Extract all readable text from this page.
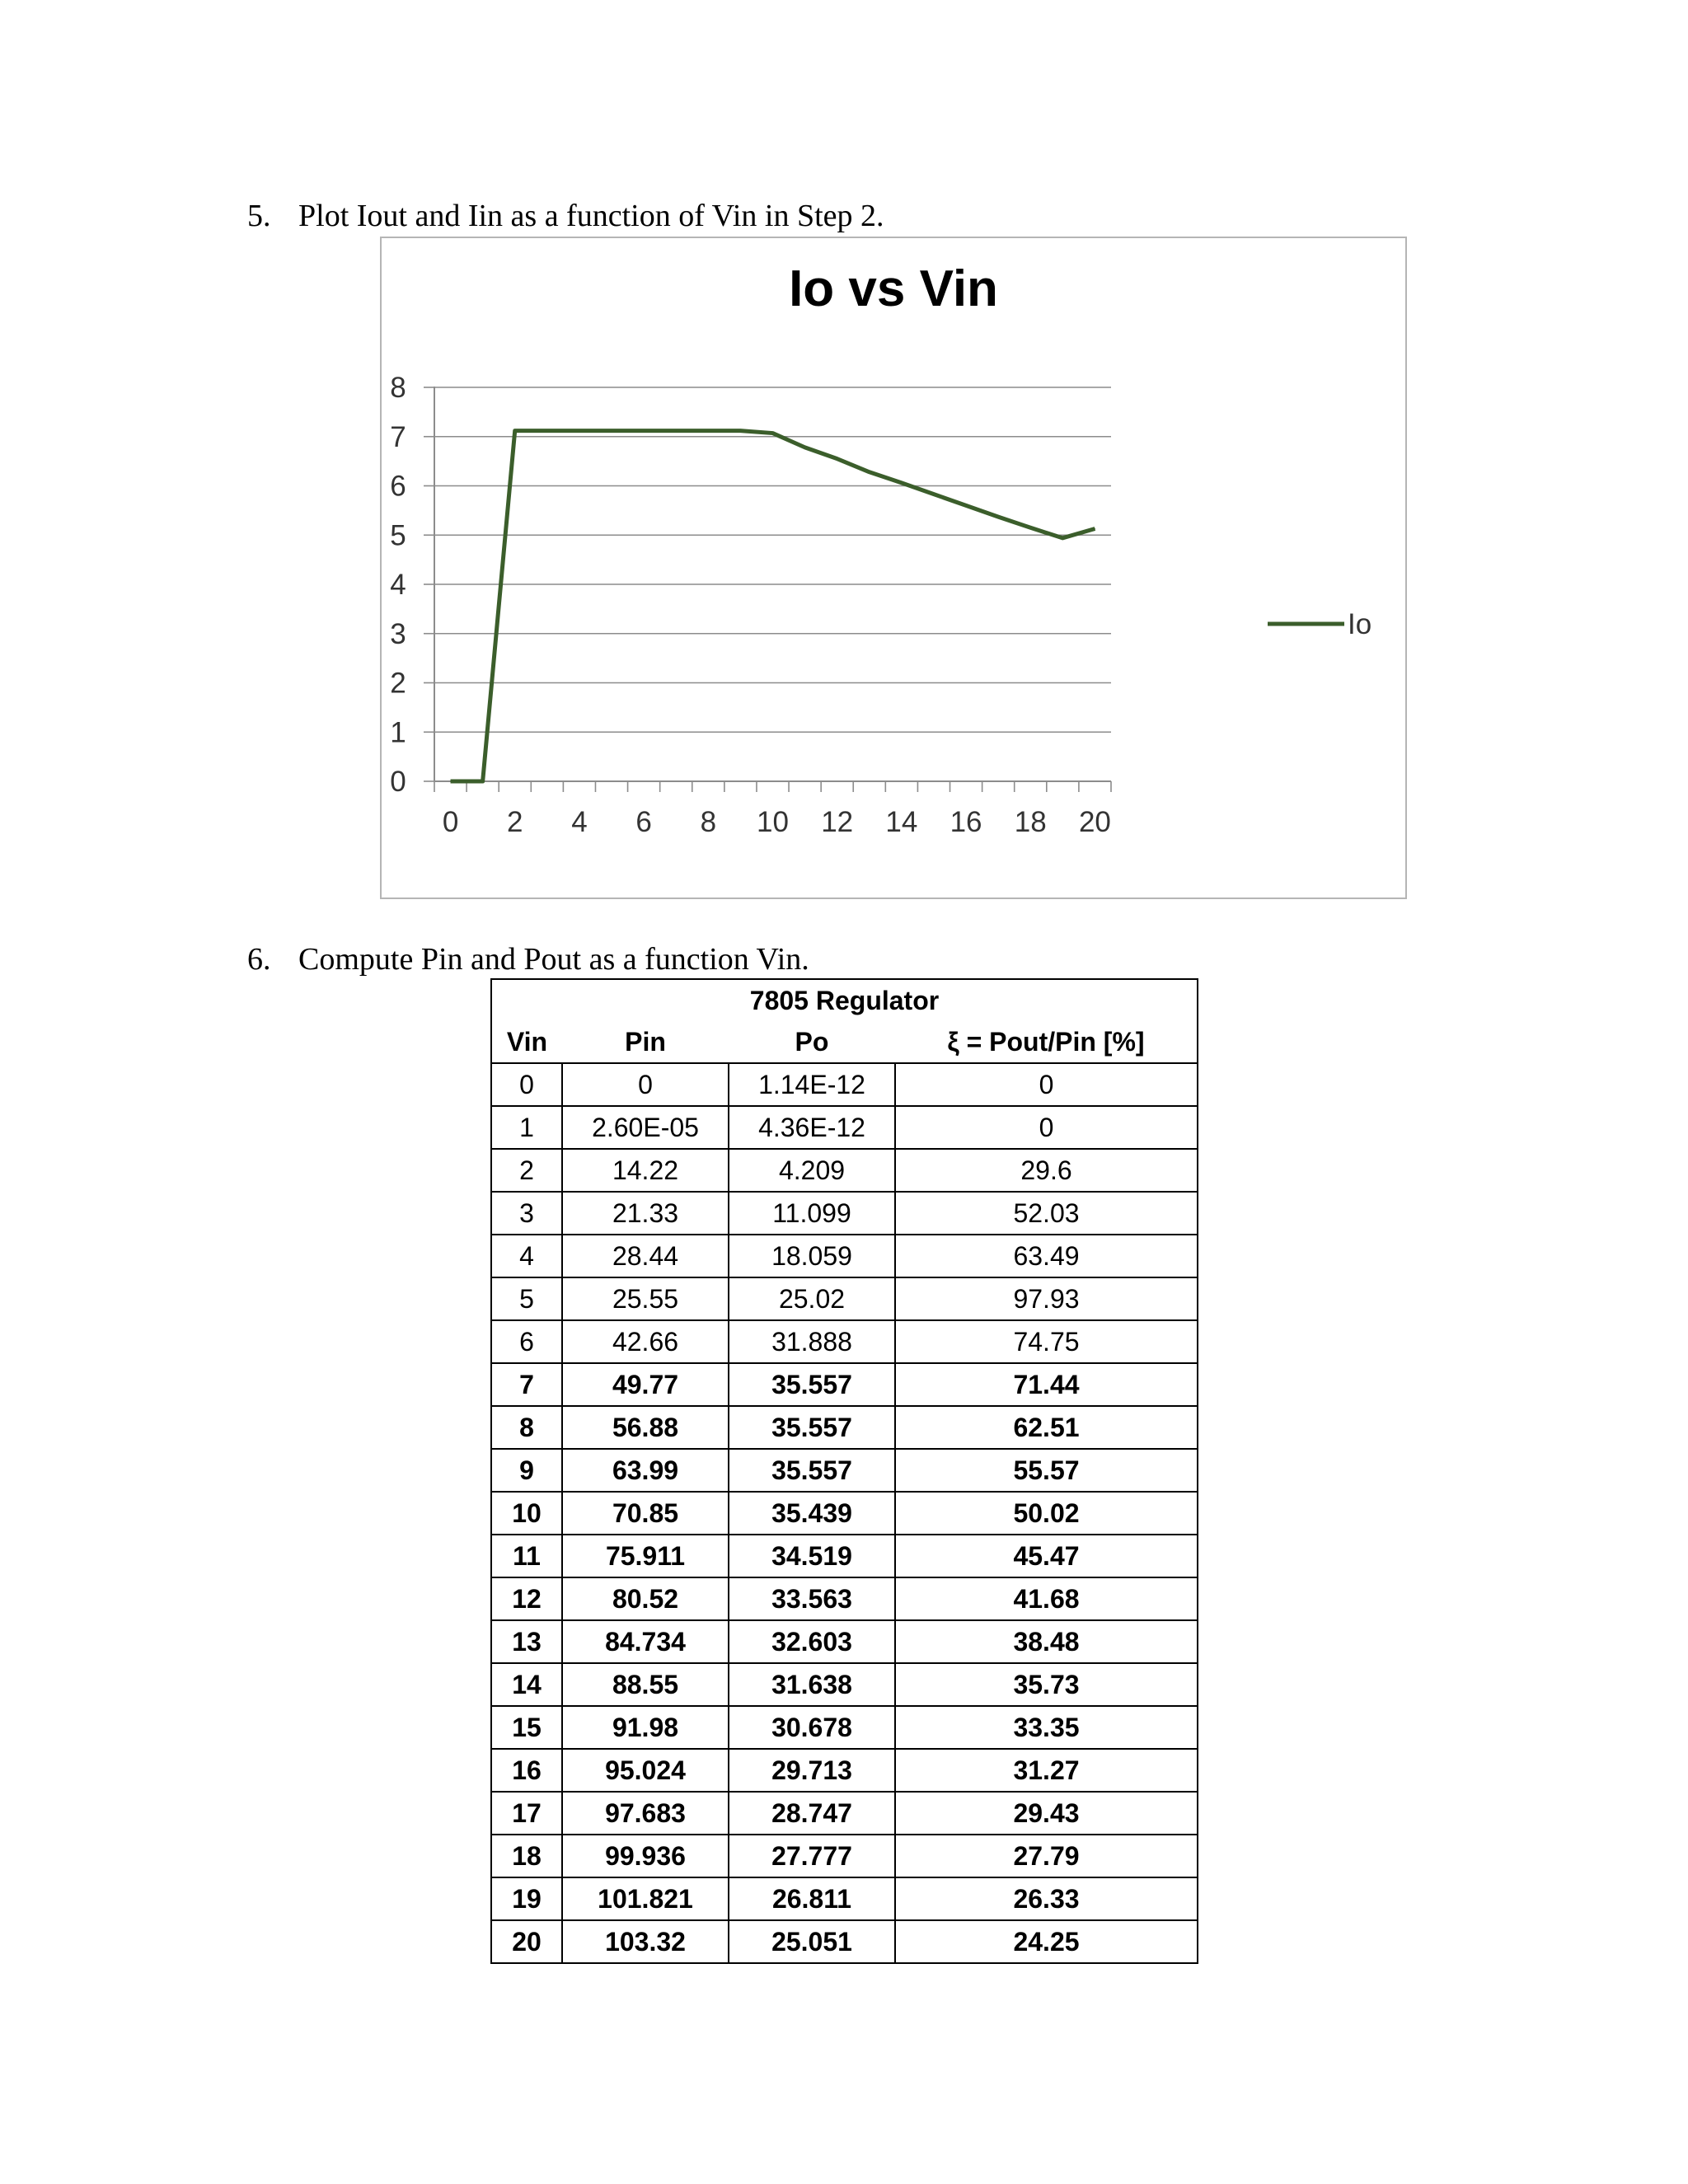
5. Plot Iout and Iin as a function of Vin in Step 2.
Io vs Vin
0
1
2
3
4
5
6
7
8
0 2 4 6 8 10 12 14 16 18 20
Io
6. Compute Pin and Pout as a function Vin.
7805 Regulator			
Vin	Pin	Po	ξ = Pout/Pin [%]
0	0	1.14E-12	0
1	2.60E-05	4.36E-12	0
2	14.22	4.209	29.6
3	21.33	11.099	52.03
4	28.44	18.059	63.49
5	25.55	25.02	97.93
6	42.66	31.888	74.75
7	49.77	35.557	71.44
8	56.88	35.557	62.51
9	63.99	35.557	55.57
10	70.85	35.439	50.02
11	75.911	34.519	45.47
12	80.52	33.563	41.68
13	84.734	32.603	38.48
14	88.55	31.638	35.73
15	91.98	30.678	33.35
16	95.024	29.713	31.27
17	97.683	28.747	29.43
18	99.936	27.777	27.79
19	101.821	26.811	26.33
20	103.32	25.051	24.25
